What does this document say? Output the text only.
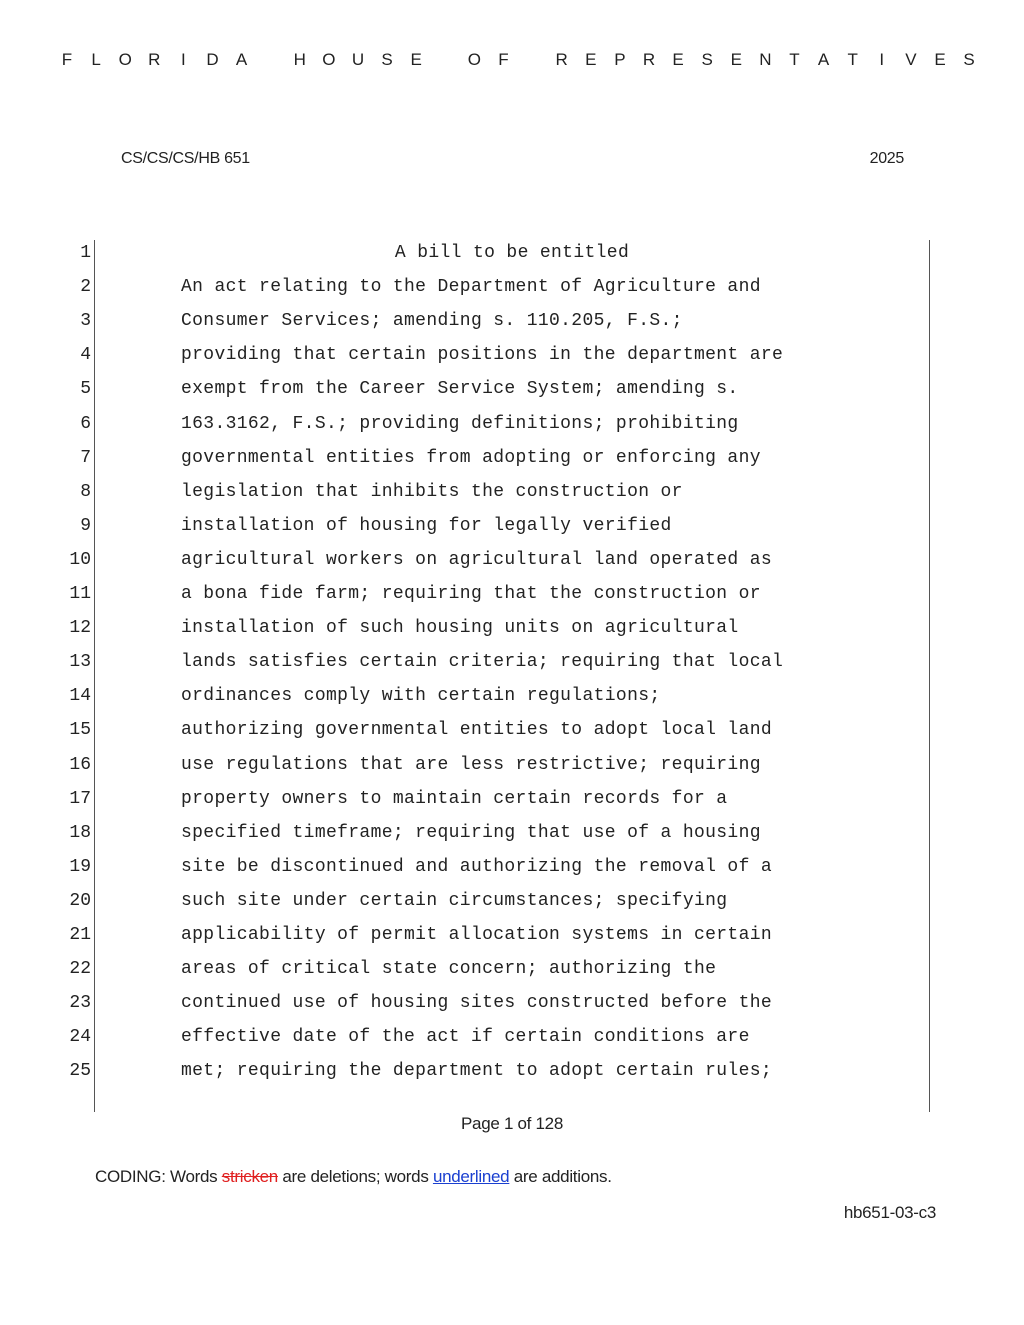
F	L	O R	I	D	A	H O U	S	E	O	F	R	E	P	R	E	S	E	N	T	A	T	I	V	E	S
CS/CS/CS/HB 651	2025
1	A bill to be entitled
2	An act relating to the Department of Agriculture and
3	Consumer Services; amending s. 110.205, F.S.;
4	providing that certain positions in the department are
5	exempt from the Career Service System; amending s.
6	163.3162, F.S.; providing definitions; prohibiting
7	governmental entities from adopting or enforcing any
8	legislation that inhibits the construction or
9	installation of housing for legally verified
10	agricultural workers on agricultural land operated as
11	a bona fide farm; requiring that the construction or
12	installation of such housing units on agricultural
13	lands satisfies certain criteria; requiring that local
14	ordinances comply with certain regulations;
15	authorizing governmental entities to adopt local land
16	use regulations that are less restrictive; requiring
17	property owners to maintain certain records for a
18	specified timeframe; requiring that use of a housing
19	site be discontinued and authorizing the removal of a
20	such site under certain circumstances; specifying
21	applicability of permit allocation systems in certain
22	areas of critical state concern; authorizing the
23	continued use of housing sites constructed before the
24	effective date of the act if certain conditions are
25	met; requiring the department to adopt certain rules;
Page 1 of 128
CODING: Words stricken are deletions; words underlined are additions.
hb651-03-c3
